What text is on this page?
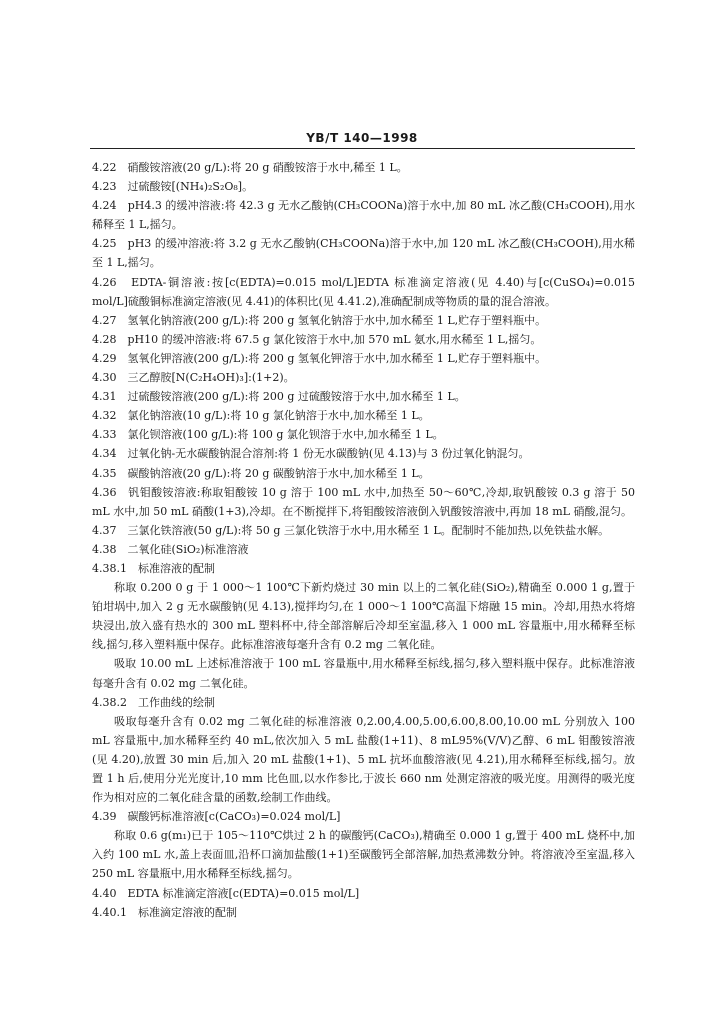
YB/T 140—1998

4.22　硝酸铵溶液(20 g/L):将 20 g 硝酸铵溶于水中,稀至 1 L。

4.23　过硫酸铵[(NH₄)₂S₂O₈]。

4.24　pH4.3 的缓冲溶液:将 42.3 g 无水乙酸钠(CH₃COONa)溶于水中,加 80 mL 冰乙酸(CH₃COOH),用水稀释至 1 L,摇匀。

4.25　pH3 的缓冲溶液:将 3.2 g 无水乙酸钠(CH₃COONa)溶于水中,加 120 mL 冰乙酸(CH₃COOH),用水稀至 1 L,摇匀。

4.26　EDTA-铜溶液:按[c(EDTA)=0.015 mol/L]EDTA 标准滴定溶液(见 4.40)与[c(CuSO₄)=0.015 mol/L]硫酸铜标准滴定溶液(见 4.41)的体积比(见 4.41.2),准确配制成等物质的量的混合溶液。

4.27　氢氧化钠溶液(200 g/L):将 200 g 氢氧化钠溶于水中,加水稀至 1 L,贮存于塑料瓶中。

4.28　pH10 的缓冲溶液:将 67.5 g 氯化铵溶于水中,加 570 mL 氨水,用水稀至 1 L,摇匀。

4.29　氢氧化钾溶液(200 g/L):将 200 g 氢氧化钾溶于水中,加水稀至 1 L,贮存于塑料瓶中。

4.30　三乙醇胺[N(C₂H₄OH)₃]:(1+2)。

4.31　过硫酸铵溶液(200 g/L):将 200 g 过硫酸铵溶于水中,加水稀至 1 L。

4.32　氯化钠溶液(10 g/L):将 10 g 氯化钠溶于水中,加水稀至 1 L。

4.33　氯化钡溶液(100 g/L):将 100 g 氯化钡溶于水中,加水稀至 1 L。

4.34　过氧化钠-无水碳酸钠混合溶剂:将 1 份无水碳酸钠(见 4.13)与 3 份过氧化钠混匀。

4.35　碳酸钠溶液(20 g/L):将 20 g 碳酸钠溶于水中,加水稀至 1 L。

4.36　钒钼酸铵溶液:称取钼酸铵 10 g 溶于 100 mL 水中,加热至 50～60℃,冷却,取钒酸铵 0.3 g 溶于 50 mL 水中,加 50 mL 硝酸(1+3),冷却。在不断搅拌下,将钼酸铵溶液倒入钒酸铵溶液中,再加 18 mL 硝酸,混匀。

4.37　三氯化铁溶液(50 g/L):将 50 g 三氯化铁溶于水中,用水稀至 1 L。配制时不能加热,以免铁盐水解。

4.38　二氧化硅(SiO₂)标准溶液

4.38.1　标准溶液的配制

称取 0.200 0 g 于 1 000～1 100℃下新灼烧过 30 min 以上的二氧化硅(SiO₂),精确至 0.000 1 g,置于铂坩埚中,加入 2 g 无水碳酸钠(见 4.13),搅拌均匀,在 1 000～1 100℃高温下熔融 15 min。冷却,用热水将熔块浸出,放入盛有热水的 300 mL 塑料杯中,待全部溶解后冷却至室温,移入 1 000 mL 容量瓶中,用水稀释至标线,摇匀,移入塑料瓶中保存。此标准溶液每毫升含有 0.2 mg 二氧化硅。

吸取 10.00 mL 上述标准溶液于 100 mL 容量瓶中,用水稀释至标线,摇匀,移入塑料瓶中保存。此标准溶液每毫升含有 0.02 mg 二氧化硅。

4.38.2　工作曲线的绘制

吸取每毫升含有 0.02 mg 二氧化硅的标准溶液 0,2.00,4.00,5.00,6.00,8.00,10.00 mL 分别放入 100 mL 容量瓶中,加水稀释至约 40 mL,依次加入 5 mL 盐酸(1+11)、8 mL95%(V/V)乙醇、6 mL 钼酸铵溶液(见 4.20),放置 30 min 后,加入 20 mL 盐酸(1+1)、5 mL 抗坏血酸溶液(见 4.21),用水稀释至标线,摇匀。放置 1 h 后,使用分光光度计,10 mm 比色皿,以水作参比,于波长 660 nm 处测定溶液的吸光度。用测得的吸光度作为相对应的二氧化硅含量的函数,绘制工作曲线。

4.39　碳酸钙标准溶液[c(CaCO₃)=0.024 mol/L]

称取 0.6 g(m₁)已于 105～110℃烘过 2 h 的碳酸钙(CaCO₃),精确至 0.000 1 g,置于 400 mL 烧杯中,加入约 100 mL 水,盖上表面皿,沿杯口滴加盐酸(1+1)至碳酸钙全部溶解,加热煮沸数分钟。将溶液冷至室温,移入 250 mL 容量瓶中,用水稀释至标线,摇匀。

4.40　EDTA 标准滴定溶液[c(EDTA)=0.015 mol/L]

4.40.1　标准滴定溶液的配制
